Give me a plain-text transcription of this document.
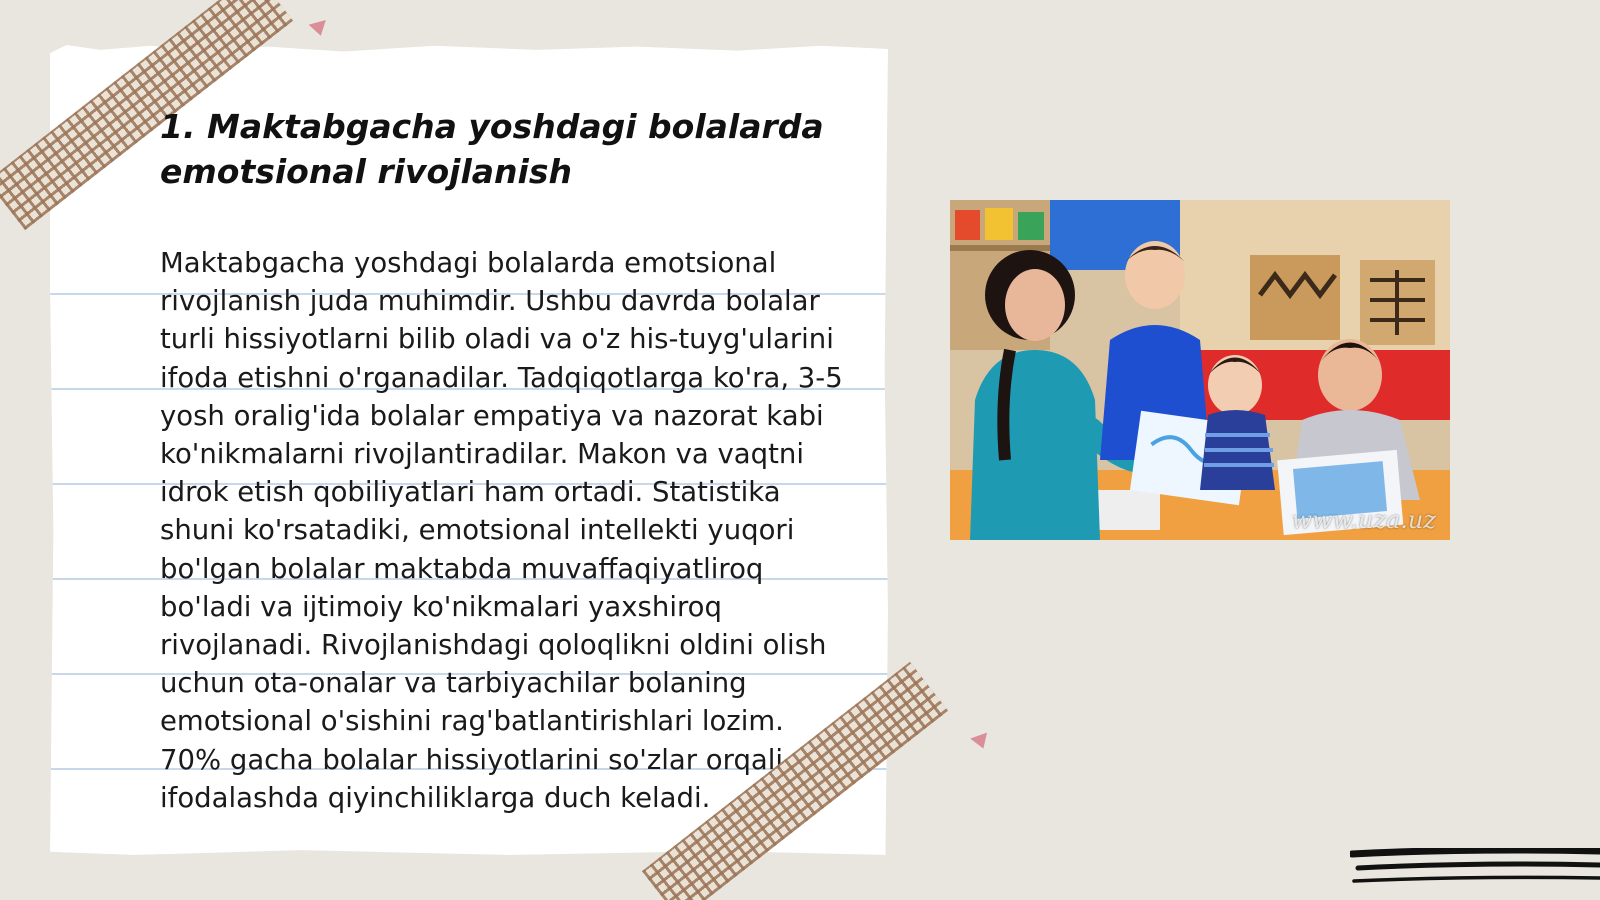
1. Maktabgacha yoshdagi bolalarda emotsional rivojlanish

Maktabgacha yoshdagi bolalarda emotsional rivojlanish juda muhimdir. Ushbu davrda bolalar turli hissiyotlarni bilib oladi va o'z his-tuyg'ularini ifoda etishni o'rganadilar. Tadqiqotlarga ko'ra, 3-5 yosh oralig'ida bolalar empatiya va nazorat kabi ko'nikmalarni rivojlantiradilar. Makon va vaqtni idrok etish qobiliyatlari ham ortadi. Statistika shuni ko'rsatadiki, emotsional intellekti yuqori bo'lgan bolalar maktabda muvaffaqiyatliroq bo'ladi va ijtimoiy ko'nikmalari yaxshiroq rivojlanadi. Rivojlanishdagi qoloqlikni oldini olish uchun ota-onalar va tarbiyachilar bolaning emotsional o'sishini rag'batlantirishlari lozim. 70% gacha bolalar hissiyotlarini so'zlar orqali ifodalashda qiyinchiliklarga duch keladi.

www.uza.uz
